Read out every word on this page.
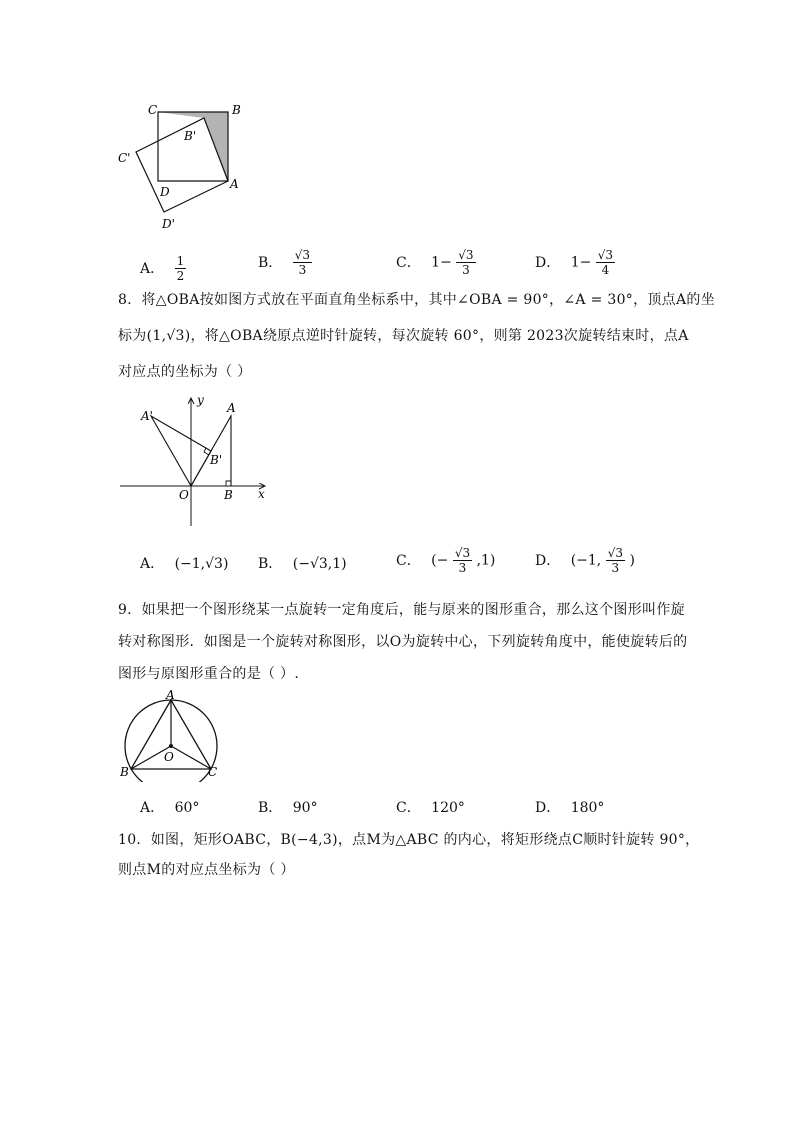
C	B
B'
C'
D
A
D'
A． $\frac{1}{2}$	B． $\frac{√3}{3}$	C． $1- \frac{√3}{3}$	D． $1- \frac{√3}{4}$
8．将△OBA按如图方式放在平面直角坐标系中，其中∠OBA = 90°，∠A = 30°，顶点A的坐
标为(1,√3)，将△OBA绕原点逆时针旋转，每次旋转 60°，则第 2023次旋转结束时，点A
对应点的坐标为（ ）
y
x
A
A'
B'
O	B
A． (−1,√3) B． (−√3,1)	C． (− $\frac{√3}{3} ,1$)	D． (−1, $\frac{√3}{3}$ )
9．如果把一个图形绕某一点旋转一定角度后，能与原来的图形重合，那么这个图形叫作旋
转对称图形．如图是一个旋转对称图形，以O为旋转中心，下列旋转角度中，能使旋转后的
图形与原图形重合的是（ ）.
A
O
B	C
A． 60°	B． 90°	C． 120°	D． 180°
10．如图，矩形OABC，B(−4,3)，点M为△ABC 的内心，将矩形绕点C顺时针旋转 90°，
则点M的对应点坐标为（ ）
